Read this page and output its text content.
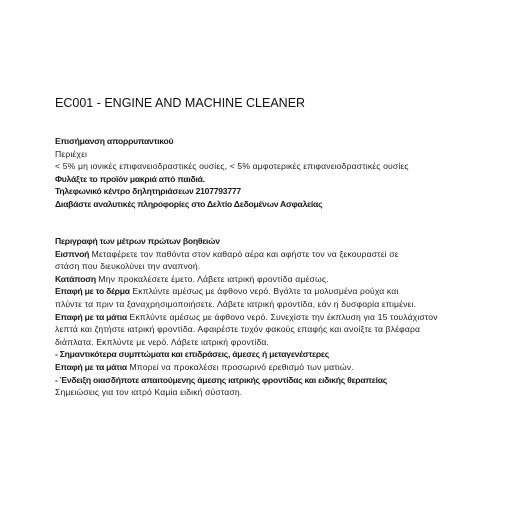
EC001 - ENGINE AND MACHINE CLEANER
Επισήμανση απορρυπαντικού
Περιέχει
< 5% μη ιονικές επιφανειοδραστικές ουσίες, < 5% αμφοτερικές επιφανειοδραστικές ουσίες
Φυλάξτε το προϊόν μακριά από παιδιά.
Τηλεφωνικό κέντρο δηλητηριάσεων 2107793777
Διαβάστε αναλυτικές πληροφορίες στο Δελτίο Δεδομένων Ασφαλείας
Περιγραφή των μέτρων πρώτων βοηθειών
Εισπνοή Μεταφέρετε τον παθόντα στον καθαρό αέρα και αφήστε τον να ξεκουραστεί σε
στάση που διευκολύνει την αναπνοή.
Κατάποση Μην προκαλέσετε έμετο. Λάβετε ιατρική φροντίδα αμέσως.
Επαφή με το δέρμα Εκπλύντε αμέσως με άφθονο νερό. Βγάλτε τα μολυσμένα ρούχα και
πλύντε τα πριν τα ξαναχρησιμοποιήσετε. Λάβετε ιατρική φροντίδα, εάν η δυσφορία επιμένει.
Επαφή με τα μάτια Εκπλύντε αμέσως με άφθονο νερό. Συνεχίστε την έκπλυση για 15 τουλάχιστον
λεπτά και ζητήστε ιατρική φροντίδα. Αφαιρέστε τυχόν φακούς επαφής και ανοίξτε τα βλέφαρα
διάπλατα. Εκπλύντε με νερό. Λάβετε ιατρική φροντίδα.
- Σημαντικότερα συμπτώματα και επιδράσεις, άμεσες ή μεταγενέστερες
Επαφή με τα μάτια Μπορεί να προκαλέσει προσωρινό ερεθισμό των ματιών.
- Ένδειξη οιασδήποτε απαιτούμενης άμεσης ιατρικής φροντίδας και ειδικής θεραπείας
Σημειώσεις για τον ιατρό Καμία ειδική σύσταση.
